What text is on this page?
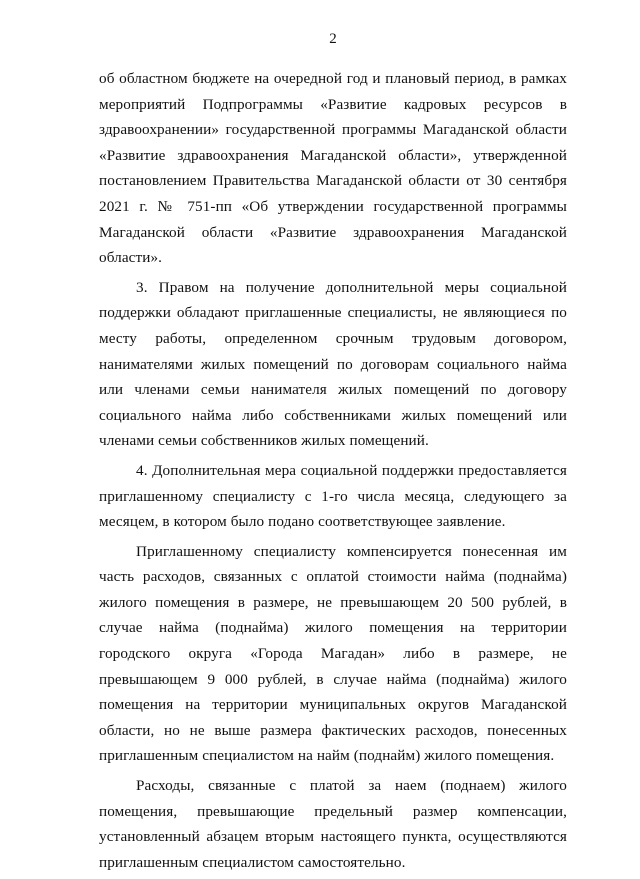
2

об областном бюджете на очередной год и плановый период, в рамках мероприятий Подпрограммы «Развитие кадровых ресурсов в здравоохранении» государственной программы Магаданской области «Развитие здравоохранения Магаданской области», утвержденной постановлением Правительства Магаданской области от 30 сентября 2021 г. № 751-пп «Об утверждении государственной программы Магаданской области «Развитие здравоохранения Магаданской области».

3. Правом на получение дополнительной меры социальной поддержки обладают приглашенные специалисты, не являющиеся по месту работы, определенном срочным трудовым договором, нанимателями жилых помещений по договорам социального найма или членами семьи нанимателя жилых помещений по договору социального найма либо собственниками жилых помещений или членами семьи собственников жилых помещений.

4. Дополнительная мера социальной поддержки предоставляется приглашенному специалисту с 1-го числа месяца, следующего за месяцем, в котором было подано соответствующее заявление.

Приглашенному специалисту компенсируется понесенная им часть расходов, связанных с оплатой стоимости найма (поднайма) жилого помещения в размере, не превышающем 20 500 рублей, в случае найма (поднайма) жилого помещения на территории городского округа «Города Магадан» либо в размере, не превышающем 9 000 рублей, в случае найма (поднайма) жилого помещения на территории муниципальных округов Магаданской области, но не выше размера фактических расходов, понесенных приглашенным специалистом на найм (поднайм) жилого помещения.

Расходы, связанные с платой за наем (поднаем) жилого помещения, превышающие предельный размер компенсации, установленный абзацем вторым настоящего пункта, осуществляются приглашенным специалистом самостоятельно.
